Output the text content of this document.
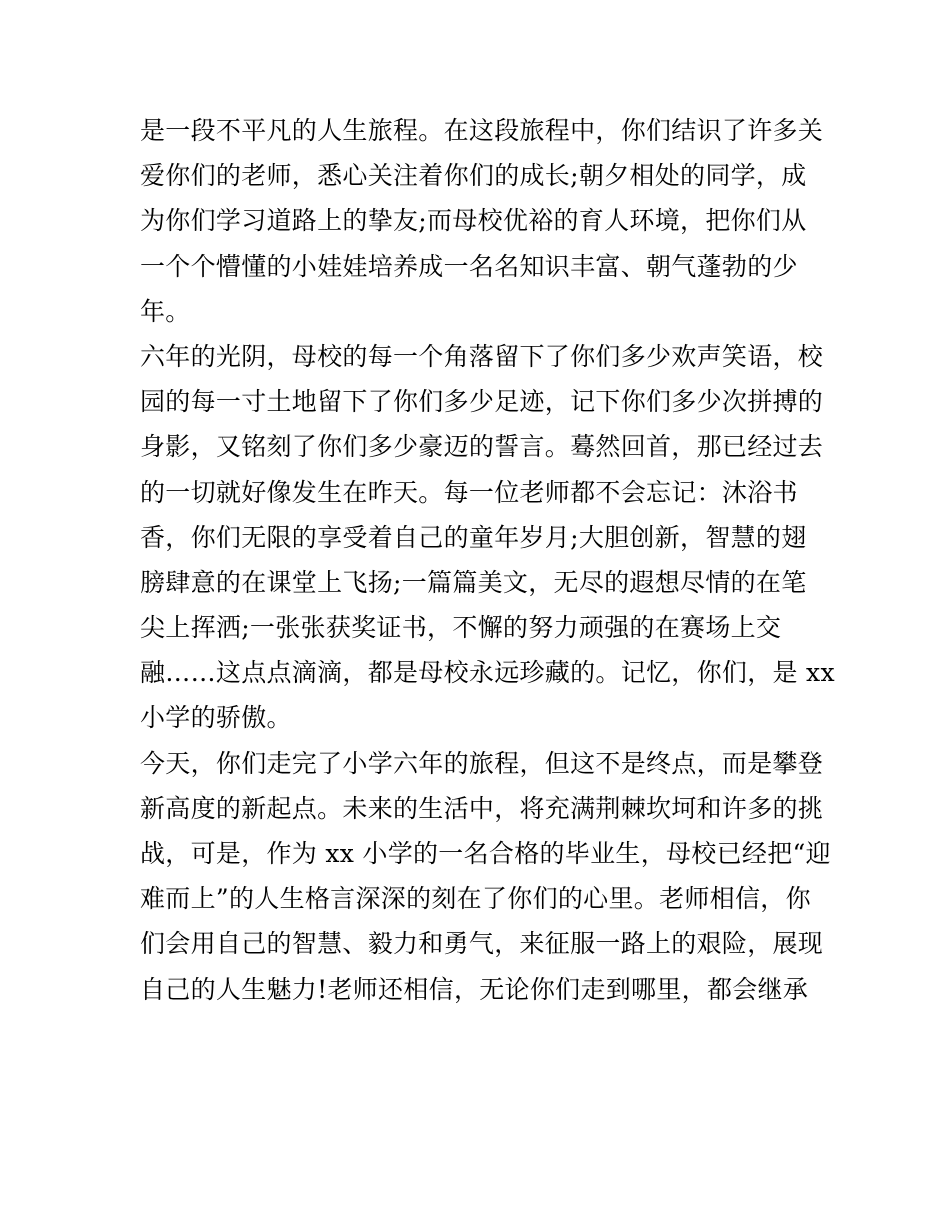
是一段不平凡的人生旅程。在这段旅程中，你们结识了许多关
爱你们的老师，悉心关注着你们的成长;朝夕相处的同学，成
为你们学习道路上的挚友;而母校优裕的育人环境，把你们从
一个个懵懂的小娃娃培养成一名名知识丰富、朝气蓬勃的少
年。
六年的光阴，母校的每一个角落留下了你们多少欢声笑语，校
园的每一寸土地留下了你们多少足迹，记下你们多少次拼搏的
身影，又铭刻了你们多少豪迈的誓言。蓦然回首，那已经过去
的一切就好像发生在昨天。每一位老师都不会忘记：沐浴书
香，你们无限的享受着自己的童年岁月;大胆创新，智慧的翅
膀肆意的在课堂上飞扬;一篇篇美文，无尽的遐想尽情的在笔
尖上挥洒;一张张获奖证书，不懈的努力顽强的在赛场上交
融……这点点滴滴，都是母校永远珍藏的。记忆，你们，是 xx
小学的骄傲。
今天，你们走完了小学六年的旅程，但这不是终点，而是攀登
新高度的新起点。未来的生活中，将充满荆棘坎坷和许多的挑
战，可是，作为 xx 小学的一名合格的毕业生，母校已经把“迎
难而上”的人生格言深深的刻在了你们的心里。老师相信，你
们会用自己的智慧、毅力和勇气，来征服一路上的艰险，展现
自己的人生魅力!老师还相信，无论你们走到哪里，都会继承
